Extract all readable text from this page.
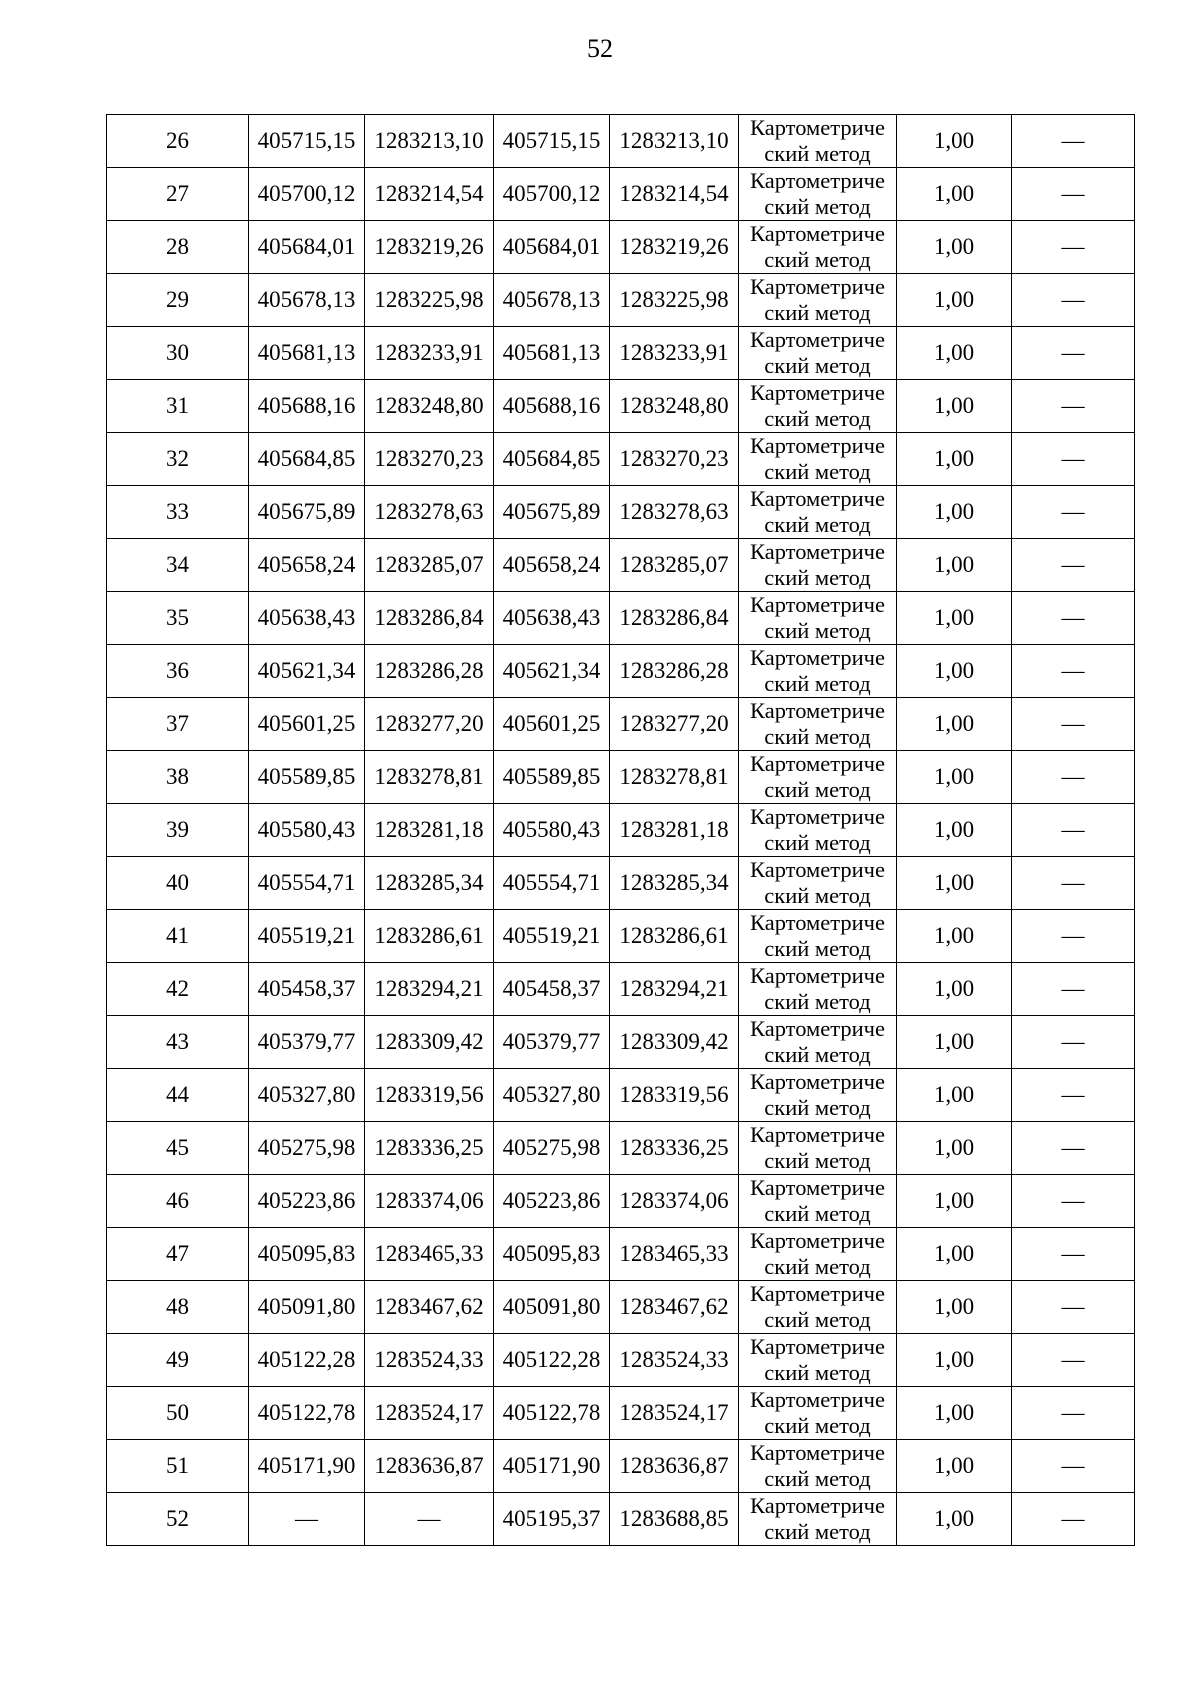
52
26	405715,15	1283213,10	405715,15	1283213,10	Картометриче
ский метод	1,00	—
27	405700,12	1283214,54	405700,12	1283214,54	Картометриче
ский метод	1,00	—
28	405684,01	1283219,26	405684,01	1283219,26	Картометриче
ский метод	1,00	—
29	405678,13	1283225,98	405678,13	1283225,98	Картометриче
ский метод	1,00	—
30	405681,13	1283233,91	405681,13	1283233,91	Картометриче
ский метод	1,00	—
31	405688,16	1283248,80	405688,16	1283248,80	Картометриче
ский метод	1,00	—
32	405684,85	1283270,23	405684,85	1283270,23	Картометриче
ский метод	1,00	—
33	405675,89	1283278,63	405675,89	1283278,63	Картометриче
ский метод	1,00	—
34	405658,24	1283285,07	405658,24	1283285,07	Картометриче
ский метод	1,00	—
35	405638,43	1283286,84	405638,43	1283286,84	Картометриче
ский метод	1,00	—
36	405621,34	1283286,28	405621,34	1283286,28	Картометриче
ский метод	1,00	—
37	405601,25	1283277,20	405601,25	1283277,20	Картометриче
ский метод	1,00	—
38	405589,85	1283278,81	405589,85	1283278,81	Картометриче
ский метод	1,00	—
39	405580,43	1283281,18	405580,43	1283281,18	Картометриче
ский метод	1,00	—
40	405554,71	1283285,34	405554,71	1283285,34	Картометриче
ский метод	1,00	—
41	405519,21	1283286,61	405519,21	1283286,61	Картометриче
ский метод	1,00	—
42	405458,37	1283294,21	405458,37	1283294,21	Картометриче
ский метод	1,00	—
43	405379,77	1283309,42	405379,77	1283309,42	Картометриче
ский метод	1,00	—
44	405327,80	1283319,56	405327,80	1283319,56	Картометриче
ский метод	1,00	—
45	405275,98	1283336,25	405275,98	1283336,25	Картометриче
ский метод	1,00	—
46	405223,86	1283374,06	405223,86	1283374,06	Картометриче
ский метод	1,00	—
47	405095,83	1283465,33	405095,83	1283465,33	Картометриче
ский метод	1,00	—
48	405091,80	1283467,62	405091,80	1283467,62	Картометриче
ский метод	1,00	—
49	405122,28	1283524,33	405122,28	1283524,33	Картометриче
ский метод	1,00	—
50	405122,78	1283524,17	405122,78	1283524,17	Картометриче
ский метод	1,00	—
51	405171,90	1283636,87	405171,90	1283636,87	Картометриче
ский метод	1,00	—
52	—	—	405195,37	1283688,85	Картометриче
ский метод	1,00	—
